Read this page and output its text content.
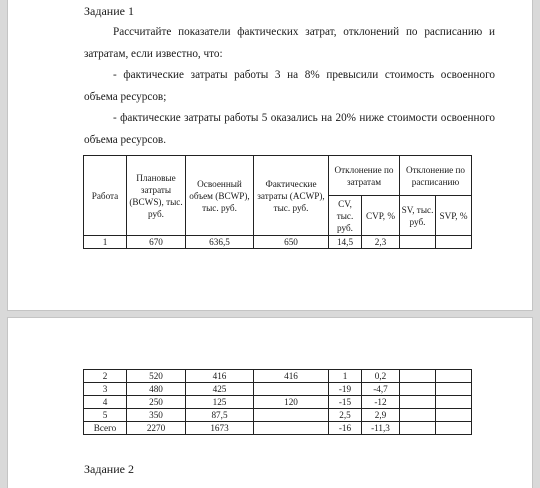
Задание 1
Рассчитайте показатели фактических затрат, отклонений по расписанию и затратам, если известно, что:
- фактические затраты работы 3 на 8% превысили стоимость освоенного объема ресурсов;
- фактические затраты работы 5 оказались на 20% ниже стоимости освоенного объема ресурсов.
Работа	Плановые затраты (BCWS), тыс. руб.	Освоенный объем (BCWP), тыс. руб.	Фактические затраты (ACWP), тыс. руб.	Отклонение по затратам		Отклонение по расписанию	
				CV, тыс. руб.	CVP, %	SV, тыс. руб.	SVP, %
1	670	636,5	650	14,5	2,3		
2	520	416	416	1	0,2		
3	480	425		-19	-4,7		
4	250	125	120	-15	-12		
5	350	87,5		2,5	2,9		
Всего	2270	1673		-16	-11,3		
Задание 2
